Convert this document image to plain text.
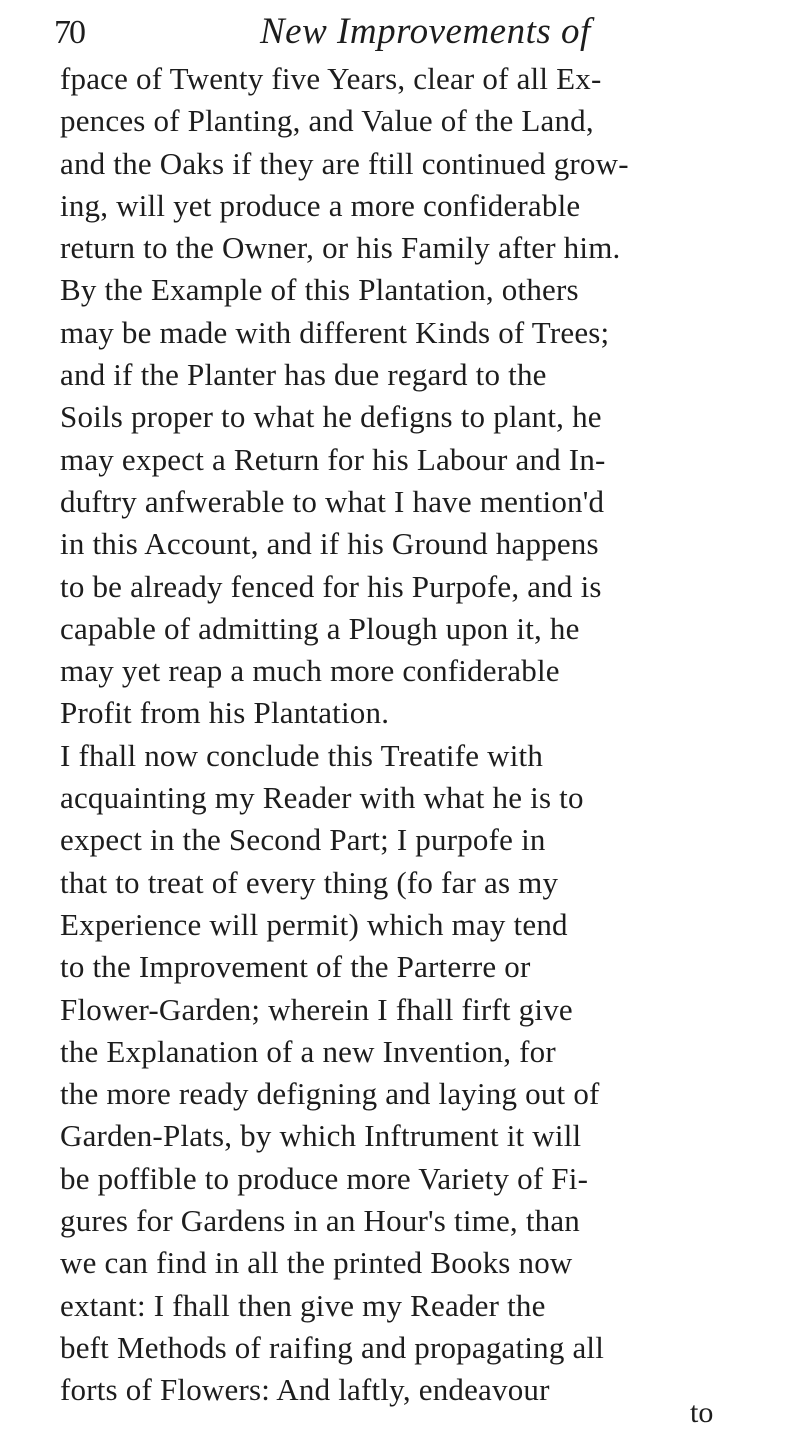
70	New Improvements of
fpace of Twenty five Years, clear of all Ex-
pences of Planting, and Value of the Land,
and the Oaks if they are ftill continued grow-
ing, will yet produce a more confiderable
return to the Owner, or his Family after him.
By the Example of this Plantation, others
may be made with different Kinds of Trees;
and if the Planter has due regard to the
Soils proper to what he defigns to plant, he
may expect a Return for his Labour and In-
duftry anfwerable to what I have mention'd
in this Account, and if his Ground happens
to be already fenced for his Purpofe, and is
capable of admitting a Plough upon it, he
may yet reap a much more confiderable
Profit from his Plantation.
I fhall now conclude this Treatife with
acquainting my Reader with what he is to
expect in the Second Part; I purpofe in
that to treat of every thing (fo far as my
Experience will permit) which may tend
to the Improvement of the Parterre or
Flower-Garden; wherein I fhall firft give
the Explanation of a new Invention, for
the more ready defigning and laying out of
Garden-Plats, by which Inftrument it will
be poffible to produce more Variety of Fi-
gures for Gardens in an Hour's time, than
we can find in all the printed Books now
extant: I fhall then give my Reader the
beft Methods of raifing and propagating all
forts of Flowers: And laftly, endeavour
to
